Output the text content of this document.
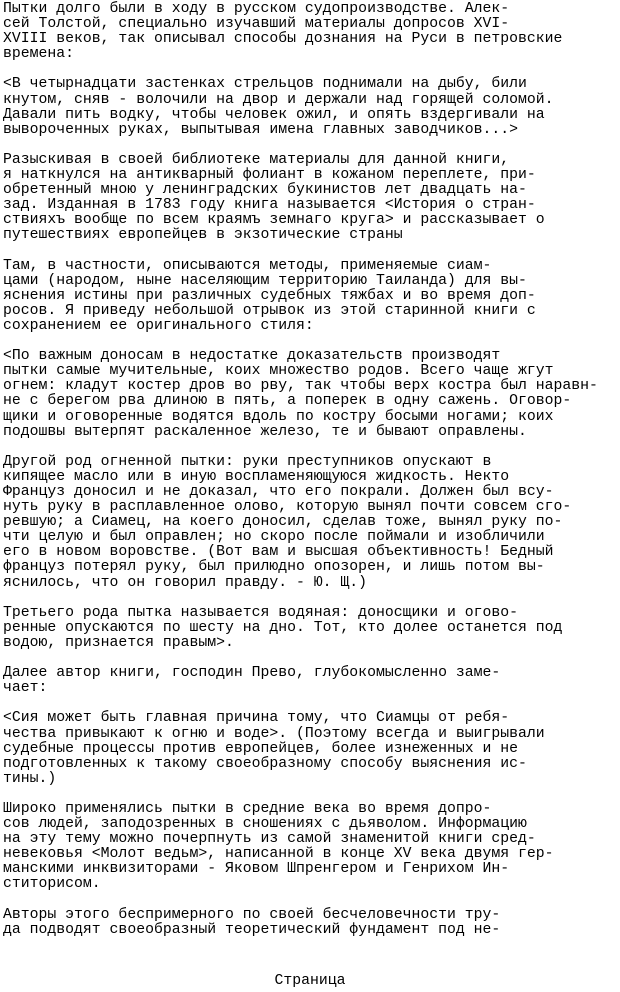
Пытки долго были в ходу в русском судопроизводстве. Алек-
сей Толстой, специально изучавший материалы допросов XVI-
XVIII веков, так описывал способы дознания на Руси в петровские
времена:
<В четырнадцати застенках стрельцов поднимали на дыбу, били
кнутом, сняв - волочили на двор и держали над горящей соломой.
Давали пить водку, чтобы человек ожил, и опять вздергивали на
вывороченных руках, выпытывая имена главных заводчиков...>
Разыскивая в своей библиотеке материалы для данной книги,
я наткнулся на антикварный фолиант в кожаном переплете, при-
обретенный мною у ленинградских букинистов лет двадцать на-
зад. Изданная в 1783 году книга называется <История о стран-
ствияхъ вообще по всем краямъ земнаго круга> и рассказывает о
путешествиях европейцев в экзотические страны
Там, в частности, описываются методы, применяемые сиам-
цами (народом, ныне населяющим территорию Таиланда) для вы-
яснения истины при различных судебных тяжбах и во время доп-
росов. Я приведу небольшой отрывок из этой старинной книги с
сохранением ее оригинального стиля:
<По важным доносам в недостатке доказательств производят
пытки самые мучительные, коих множество родов. Всего чаще жгут
огнем: кладут костер дров во рву, так чтобы верх костра был наравн-
не с берегом рва длиною в пять, а поперек в одну сажень. Оговор-
щики и оговоренные водятся вдоль по костру босыми ногами; коих
подошвы вытерпят раскаленное железо, те и бывают оправлены.
Другой род огненной пытки: руки преступников опускают в
кипящее масло или в иную воспламеняющуюся жидкость. Некто
Француз доносил и не доказал, что его покрали. Должен был всу-
нуть руку в расплавленное олово, которую вынял почти совсем сго-
ревшую; а Сиамец, на коего доносил, сделав тоже, вынял руку по-
чти целую и был оправлен; но скоро после поймали и изобличили
его в новом воровстве. (Вот вам и высшая объективность! Бедный
француз потерял руку, был прилюдно опозорен, и лишь потом вы-
яснилось, что он говорил правду. - Ю. Щ.)
Третьего рода пытка называется водяная: доносщики и огово-
ренные опускаются по шесту на дно. Тот, кто долее останется под
водою, признается правым>.
Далее автор книги, господин Прево, глубокомысленно заме-
чает:
<Сия может быть главная причина тому, что Сиамцы от ребя-
чества привыкают к огню и воде>. (Поэтому всегда и выигрывали
судебные процессы против европейцев, более изнеженных и не
подготовленных к такому своеобразному способу выяснения ис-
тины.)
Широко применялись пытки в средние века во время допро-
сов людей, заподозренных в сношениях с дьяволом. Информацию
на эту тему можно почерпнуть из самой знаменитой книги сред-
невековья <Молот ведьм>, написанной в конце XV века двумя гер-
манскими инквизиторами - Яковом Шпренгером и Генрихом Ин-
ститорисом.
Авторы этого беспримерного по своей бесчеловечности тру-
да подводят своеобразный теоретический фундамент под не-
Страница
